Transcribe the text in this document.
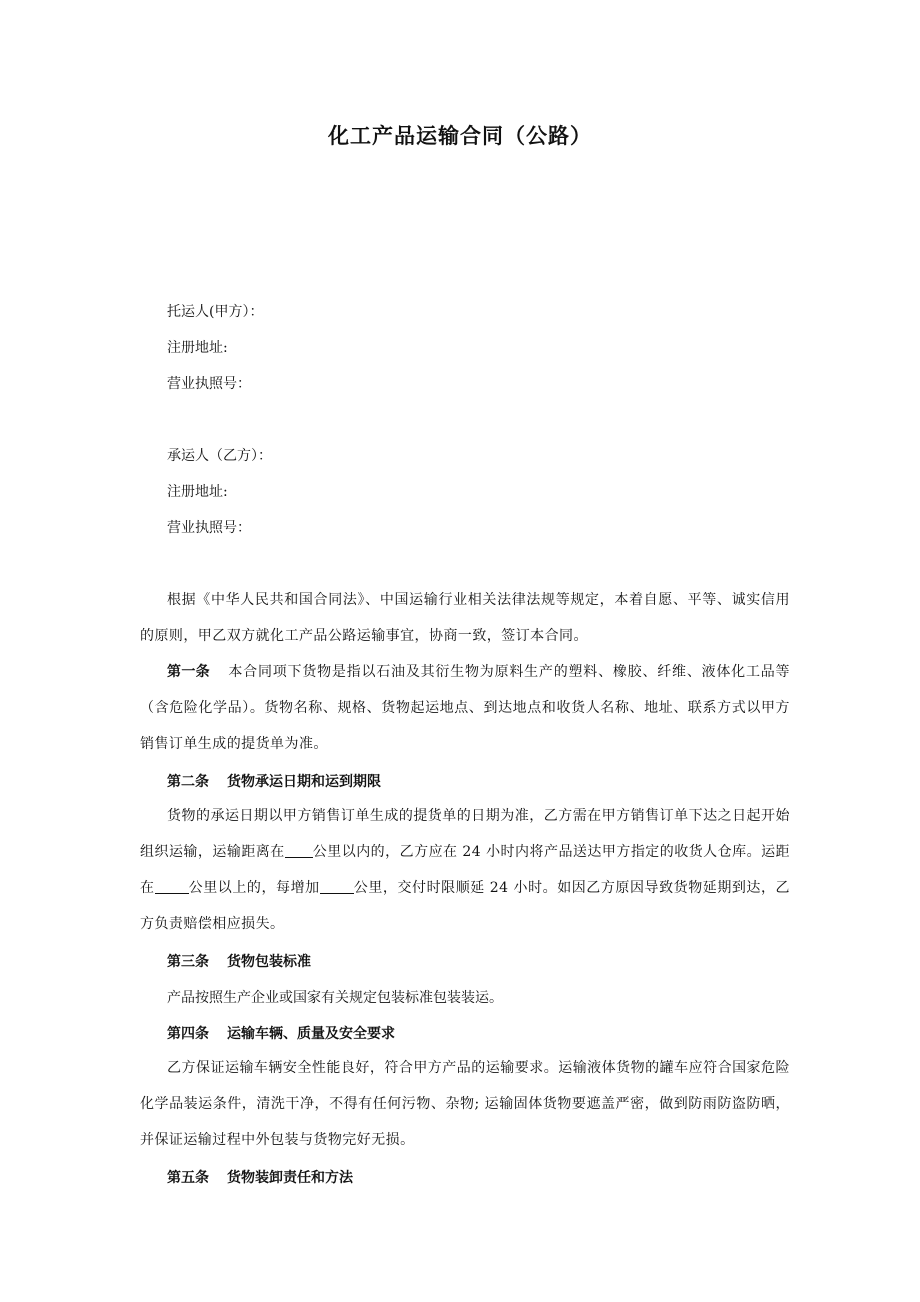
化工产品运输合同（公路）
托运人(甲方）：
注册地址:
营业执照号：
承运人（乙方）：
注册地址:
营业执照号：
根据《中华人民共和国合同法》、中国运输行业相关法律法规等规定，本着自愿、平等、诚实信用的原则，甲乙双方就化工产品公路运输事宜，协商一致，签订本合同。
第一条 本合同项下货物是指以石油及其衍生物为原料生产的塑料、橡胶、纤维、液体化工品等（含危险化学品）。货物名称、规格、货物起运地点、到达地点和收货人名称、地址、联系方式以甲方销售订单生成的提货单为准。
第二条 货物承运日期和运到期限
货物的承运日期以甲方销售订单生成的提货单的日期为准，乙方需在甲方销售订单下达之日起开始组织运输，运输距离在 公里以内的，乙方应在 24 小时内将产品送达甲方指定的收货人仓库。运距在 公里以上的，每增加 公里，交付时限顺延 24 小时。如因乙方原因导致货物延期到达，乙方负责赔偿相应损失。
第三条 货物包装标准
产品按照生产企业或国家有关规定包装标准包装装运。
第四条 运输车辆、质量及安全要求
乙方保证运输车辆安全性能良好，符合甲方产品的运输要求。运输液体货物的罐车应符合国家危险化学品装运条件，清洗干净，不得有任何污物、杂物; 运输固体货物要遮盖严密，做到防雨防盗防晒，并保证运输过程中外包装与货物完好无损。
第五条 货物装卸责任和方法
